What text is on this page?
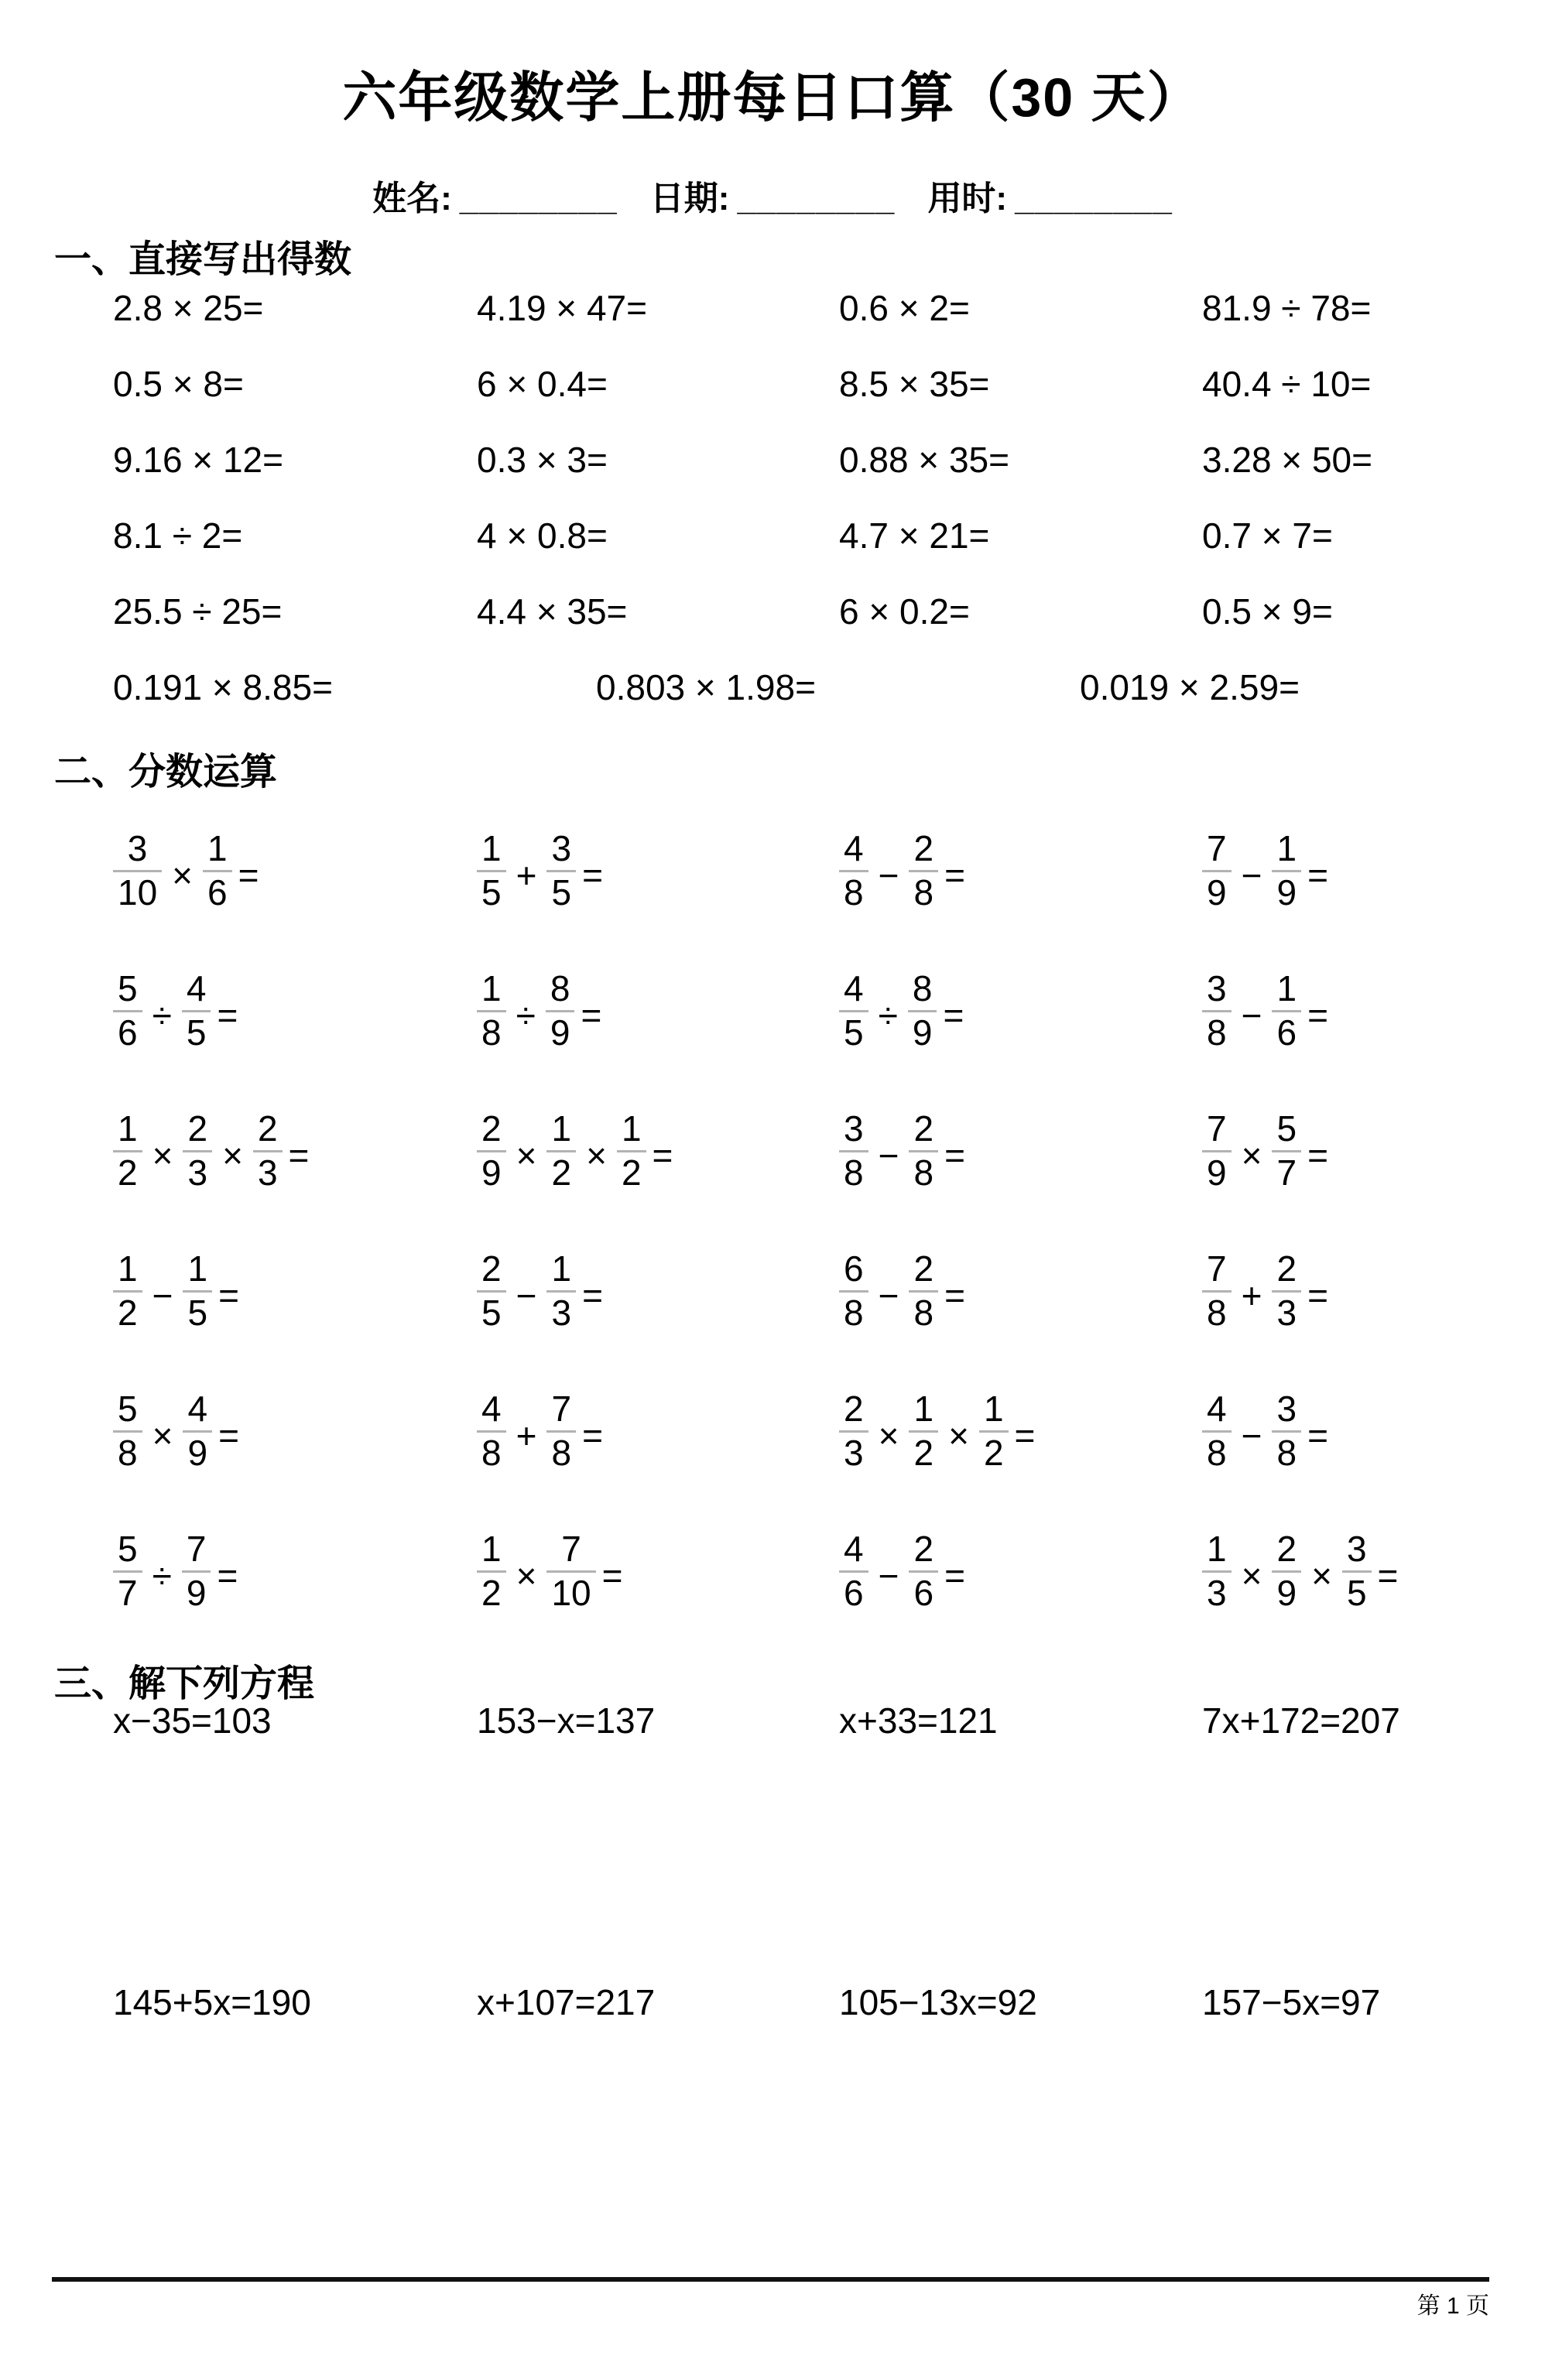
六年级数学上册每日口算（30 天）
姓名: ________ 日期: ________ 用时: ________
一、直接写出得数
2.8 × 25=	4.19 × 47=	0.6 × 2=	81.9 ÷ 78=
0.5 × 8=	6 × 0.4=	8.5 × 35=	40.4 ÷ 10=
9.16 × 12=	0.3 × 3=	0.88 × 35=	3.28 × 50=
8.1 ÷ 2=	4 × 0.8=	4.7 × 21=	0.7 × 7=
25.5 ÷ 25=	4.4 × 35=	6 × 0.2=	0.5 × 9=
0.191 × 8.85=	0.803 × 1.98=	0.019 × 2.59=
二、分数运算
$\frac{3}{10} \times \frac{1}{6}$ =	$\frac{1}{5} + \frac{3}{5}$ =	$\frac{4}{8} - \frac{2}{8}$ =	$\frac{7}{9} - \frac{1}{9}$ =
$\frac{5}{6} \div \frac{4}{5}$ =	$\frac{1}{8} \div \frac{8}{9}$ =	$\frac{4}{5} \div \frac{8}{9}$ =	$\frac{3}{8} - \frac{1}{6}$ =
$\frac{1}{2} \times \frac{2}{3} \times \frac{2}{3}$ =	$\frac{2}{9} \times \frac{1}{2} \times \frac{1}{2}$ =	$\frac{3}{8} - \frac{2}{8}$ =	$\frac{7}{9} \times \frac{5}{7}$ =
$\frac{1}{2} - \frac{1}{5}$ =	$\frac{2}{5} - \frac{1}{3}$ =	$\frac{6}{8} - \frac{2}{8}$ =	$\frac{7}{8} + \frac{2}{3}$ =
$\frac{5}{8} \times \frac{4}{9}$ =	$\frac{4}{8} + \frac{7}{8}$ =	$\frac{2}{3} \times \frac{1}{2} \times \frac{1}{2}$ =	$\frac{4}{8} - \frac{3}{8}$ =
$\frac{5}{7} \div \frac{7}{9}$ =	$\frac{1}{2} \times \frac{7}{10}$ =	$\frac{4}{6} - \frac{2}{6}$ =	$\frac{1}{3} \times \frac{2}{9} \times \frac{3}{5}$ =
三、解下列方程
x−35=103	153−x=137	x+33=121	7x+172=207
145+5x=190	x+107=217	105−13x=92	157−5x=97
第 1 页
